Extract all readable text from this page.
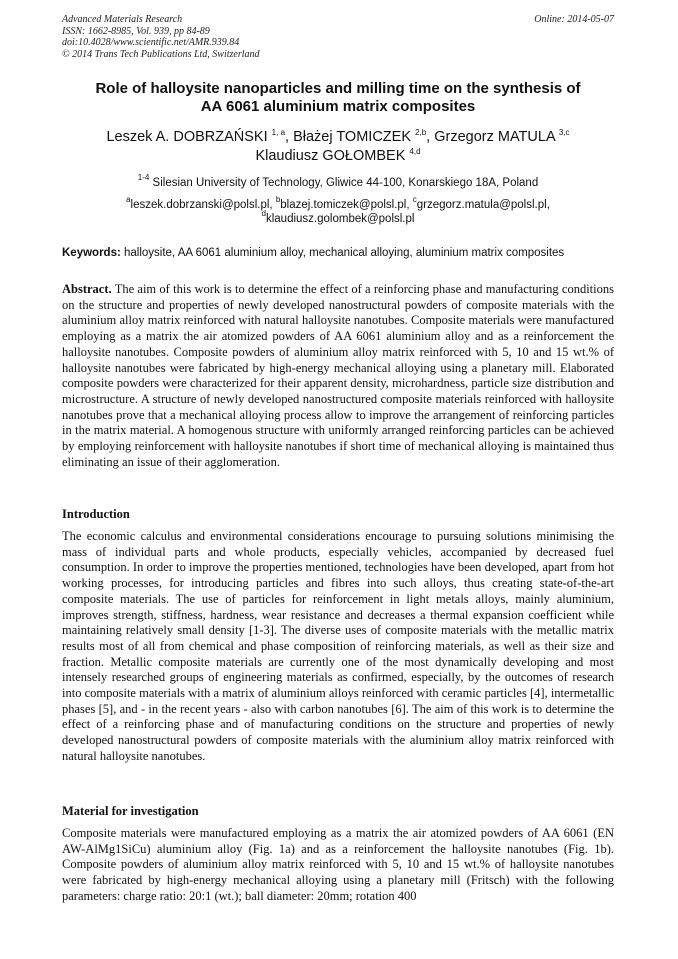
Advanced Materials Research
ISSN: 1662-8985, Vol. 939, pp 84-89
doi:10.4028/www.scientific.net/AMR.939.84
© 2014 Trans Tech Publications Ltd, Switzerland
Online: 2014-05-07
Role of halloysite nanoparticles and milling time on the synthesis of
AA 6061 aluminium matrix composites
Leszek A. DOBRZAŃSKI $^{1, a}$, Błażej TOMICZEK $^{2,b}$, Grzegorz MATULA $^{3,c}$
Klaudiusz GOŁOMBEK $^{4,d}$
$^{1-4}$ Silesian University of Technology, Gliwice 44-100, Konarskiego 18A, Poland
$^a$leszek.dobrzanski@polsl.pl, $^b$blazej.tomiczek@polsl.pl, $^c$grzegorz.matula@polsl.pl,
$^d$klaudiusz.golombek@polsl.pl
Keywords: halloysite, AA 6061 aluminium alloy, mechanical alloying, aluminium matrix composites

Abstract. The aim of this work is to determine the effect of a reinforcing phase and manufacturing conditions on the structure and properties of newly developed nanostructural powders of composite materials with the aluminium alloy matrix reinforced with natural halloysite nanotubes. Composite materials were manufactured employing as a matrix the air atomized powders of AA 6061 aluminium alloy and as a reinforcement the halloysite nanotubes. Composite powders of aluminium alloy matrix reinforced with 5, 10 and 15 wt.% of halloysite nanotubes were fabricated by high-energy mechanical alloying using a planetary mill. Elaborated composite powders were characterized for their apparent density, microhardness, particle size distribution and microstructure. A structure of newly developed nanostructured composite materials reinforced with halloysite nanotubes prove that a mechanical alloying process allow to improve the arrangement of reinforcing particles in the matrix material. A homogenous structure with uniformly arranged reinforcing particles can be achieved by employing reinforcement with halloysite nanotubes if short time of mechanical alloying is maintained thus eliminating an issue of their agglomeration.

Introduction

The economic calculus and environmental considerations encourage to pursuing solutions minimising the mass of individual parts and whole products, especially vehicles, accompanied by decreased fuel consumption. In order to improve the properties mentioned, technologies have been developed, apart from hot working processes, for introducing particles and fibres into such alloys, thus creating state-of-the-art composite materials. The use of particles for reinforcement in light metals alloys, mainly aluminium, improves strength, stiffness, hardness, wear resistance and decreases a thermal expansion coefficient while maintaining relatively small density [1-3]. The diverse uses of composite materials with the metallic matrix results most of all from chemical and phase composition of reinforcing materials, as well as their size and fraction. Metallic composite materials are currently one of the most dynamically developing and most intensely researched groups of engineering materials as confirmed, especially, by the outcomes of research into composite materials with a matrix of aluminium alloys reinforced with ceramic particles [4], intermetallic phases [5], and - in the recent years - also with carbon nanotubes [6]. The aim of this work is to determine the effect of a reinforcing phase and of manufacturing conditions on the structure and properties of newly developed nanostructural powders of composite materials with the aluminium alloy matrix reinforced with natural halloysite nanotubes.

Material for investigation

Composite materials were manufactured employing as a matrix the air atomized powders of AA 6061 (EN AW-AlMg1SiCu) aluminium alloy (Fig. 1a) and as a reinforcement the halloysite nanotubes (Fig. 1b). Composite powders of aluminium alloy matrix reinforced with 5, 10 and 15 wt.% of halloysite nanotubes were fabricated by high-energy mechanical alloying using a planetary mill (Fritsch) with the following parameters: charge ratio: 20:1 (wt.); ball diameter: 20mm; rotation 400
